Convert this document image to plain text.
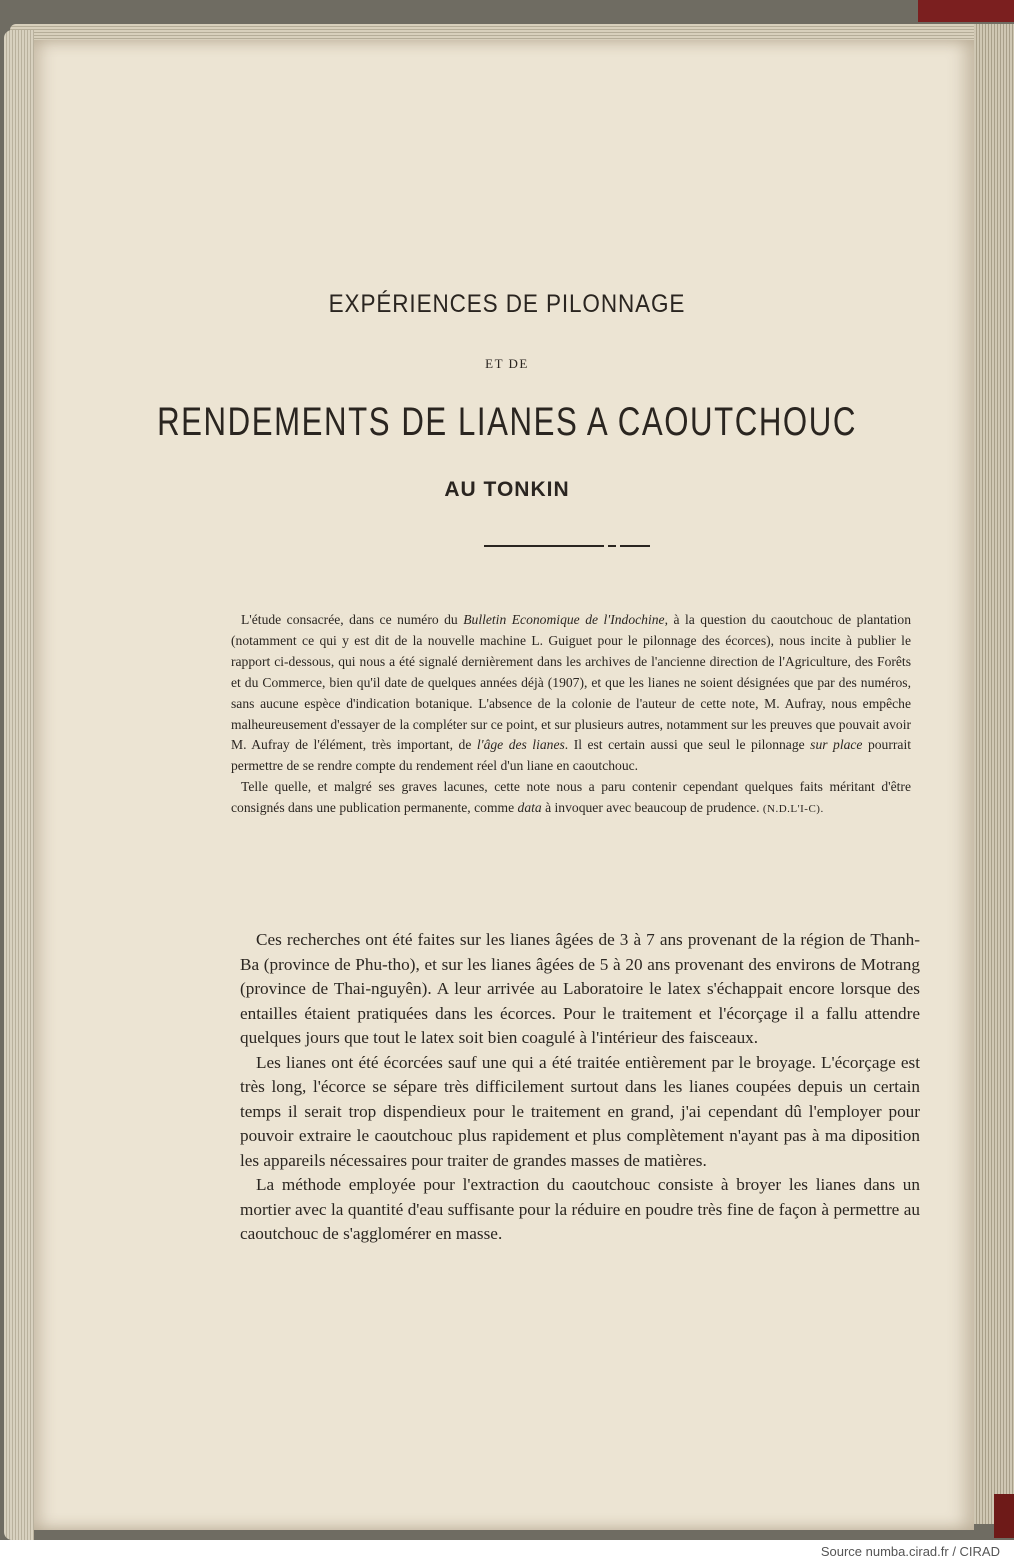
EXPÉRIENCES DE PILONNAGE
ET DE
RENDEMENTS DE LIANES A CAOUTCHOUC
AU TONKIN

L'étude consacrée, dans ce numéro du Bulletin Economique de l'Indochine, à la question du caoutchouc de plantation (notamment ce qui y est dit de la nouvelle machine L. Guiguet pour le pilonnage des écorces), nous incite à publier le rapport ci-dessous, qui nous a été signalé dernièrement dans les archives de l'ancienne direction de l'Agriculture, des Forêts et du Commerce, bien qu'il date de quelques années déjà (1907), et que les lianes ne soient désignées que par des numéros, sans aucune espèce d'indication botanique. L'absence de la colonie de l'auteur de cette note, M. Aufray, nous empêche malheureusement d'essayer de la compléter sur ce point, et sur plusieurs autres, notamment sur les preuves que pouvait avoir M. Aufray de l'élément, très important, de l'âge des lianes. Il est certain aussi que seul le pilonnage sur place pourrait permettre de se rendre compte du rendement réel d'un liane en caoutchouc.

Telle quelle, et malgré ses graves lacunes, cette note nous a paru contenir cependant quelques faits méritant d'être consignés dans une publication permanente, comme data à invoquer avec beaucoup de prudence. (N.D.L'I-C).

Ces recherches ont été faites sur les lianes âgées de 3 à 7 ans provenant de la région de Thanh-Ba (province de Phu-tho), et sur les lianes âgées de 5 à 20 ans provenant des environs de Motrang (province de Thai-nguyên). A leur arrivée au Laboratoire le latex s'échappait encore lorsque des entailles étaient pratiquées dans les écorces. Pour le traitement et l'écorçage il a fallu attendre quelques jours que tout le latex soit bien coagulé à l'intérieur des faisceaux.

Les lianes ont été écorcées sauf une qui a été traitée entièrement par le broyage. L'écorçage est très long, l'écorce se sépare très difficilement surtout dans les lianes coupées depuis un certain temps il serait trop dispendieux pour le traitement en grand, j'ai cependant dû l'employer pour pouvoir extraire le caoutchouc plus rapidement et plus complètement n'ayant pas à ma diposition les appareils nécessaires pour traiter de grandes masses de matières.

La méthode employée pour l'extraction du caoutchouc consiste à broyer les lianes dans un mortier avec la quantité d'eau suffisante pour la réduire en poudre très fine de façon à permettre au caoutchouc de s'agglomérer en masse.

Source numba.cirad.fr / CIRAD
